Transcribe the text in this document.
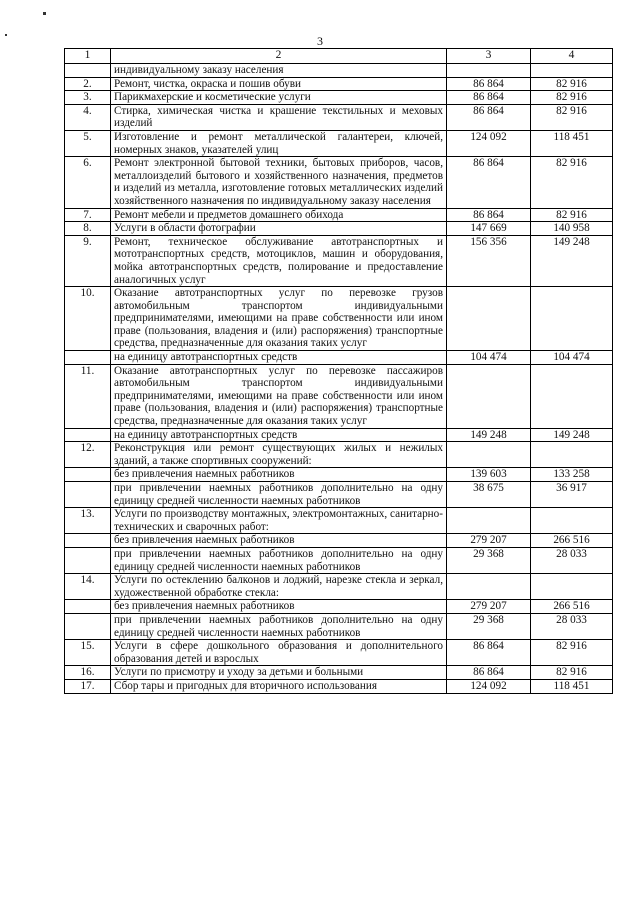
3
1	2	3	4
	индивидуальному заказу населения		
2.	Ремонт, чистка, окраска и пошив обуви	86 864	82 916
3.	Парикмахерские и косметические услуги	86 864	82 916
4.	Стирка, химическая чистка и крашение текстильных и меховых изделий	86 864	82 916
5.	Изготовление и ремонт металлической галантереи, ключей, номерных знаков, указателей улиц	124 092	118 451
6.	Ремонт электронной бытовой техники, бытовых приборов, часов, металлоизделий бытового и хозяйственного назначения, предметов и изделий из металла, изготовление готовых металлических изделий хозяйственного назначения по индивидуальному заказу населения	86 864	82 916
7.	Ремонт мебели и предметов домашнего обихода	86 864	82 916
8.	Услуги в области фотографии	147 669	140 958
9.	Ремонт, техническое обслуживание автотранспортных и мототранспортных средств, мотоциклов, машин и оборудования, мойка автотранспортных средств, полирование и предоставление аналогичных услуг	156 356	149 248
10.	Оказание автотранспортных услуг по перевозке грузов автомобильным транспортом индивидуальными предпринимателями, имеющими на праве собственности или ином праве (пользования, владения и (или) распоряжения) транспортные средства, предназначенные для оказания таких услуг		
	на единицу автотранспортных средств	104 474	104 474
11.	Оказание автотранспортных услуг по перевозке пассажиров автомобильным транспортом индивидуальными предпринимателями, имеющими на праве собственности или ином праве (пользования, владения и (или) распоряжения) транспортные средства, предназначенные для оказания таких услуг		
	на единицу автотранспортных средств	149 248	149 248
12.	Реконструкция или ремонт существующих жилых и нежилых зданий, а также спортивных сооружений:		
	без привлечения наемных работников	139 603	133 258
	при привлечении наемных работников дополнительно на одну единицу средней численности наемных работников	38 675	36 917
13.	Услуги по производству монтажных, электромонтажных, санитарно-технических и сварочных работ:		
	без привлечения наемных работников	279 207	266 516
	при привлечении наемных работников дополнительно на одну единицу средней численности наемных работников	29 368	28 033
14.	Услуги по остеклению балконов и лоджий, нарезке стекла и зеркал, художественной обработке стекла:		
	без привлечения наемных работников	279 207	266 516
	при привлечении наемных работников дополнительно на одну единицу средней численности наемных работников	29 368	28 033
15.	Услуги в сфере дошкольного образования и дополнительного образования детей и взрослых	86 864	82 916
16.	Услуги по присмотру и уходу за детьми и больными	86 864	82 916
17.	Сбор тары и пригодных для вторичного использования	124 092	118 451
